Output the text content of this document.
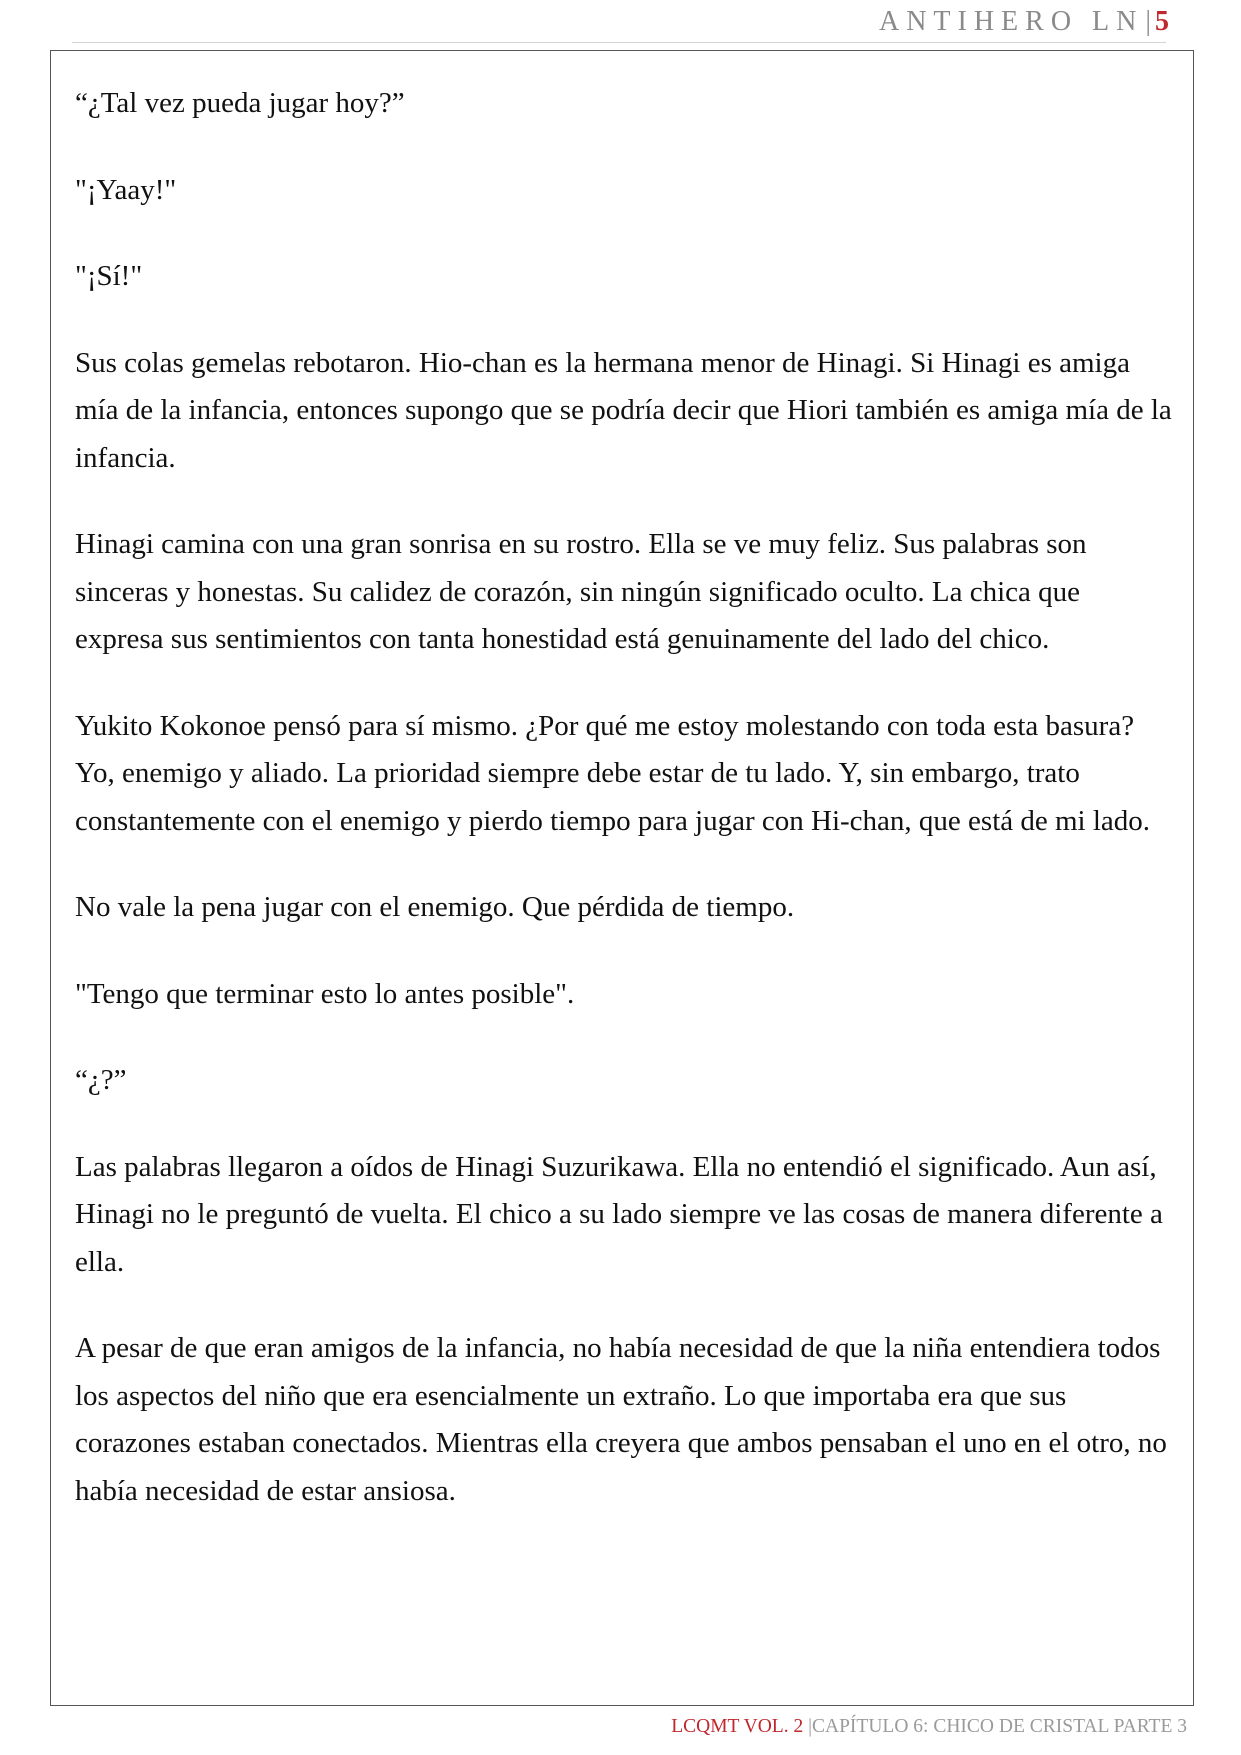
ANTIHERO LN| 5

“¿Tal vez pueda jugar hoy?”

"¡Yaay!"

"¡Sí!"

Sus colas gemelas rebotaron. Hio-chan es la hermana menor de Hinagi. Si Hinagi es amiga mía de la infancia, entonces supongo que se podría decir que Hiori también es amiga mía de la infancia.

Hinagi camina con una gran sonrisa en su rostro. Ella se ve muy feliz. Sus palabras son sinceras y honestas. Su calidez de corazón, sin ningún significado oculto. La chica que expresa sus sentimientos con tanta honestidad está genuinamente del lado del chico.

Yukito Kokonoe pensó para sí mismo. ¿Por qué me estoy molestando con toda esta basura? Yo, enemigo y aliado. La prioridad siempre debe estar de tu lado. Y, sin embargo, trato constantemente con el enemigo y pierdo tiempo para jugar con Hi-chan, que está de mi lado.

No vale la pena jugar con el enemigo. Que pérdida de tiempo.

"Tengo que terminar esto lo antes posible".

“¿?”

Las palabras llegaron a oídos de Hinagi Suzurikawa. Ella no entendió el significado. Aun así, Hinagi no le preguntó de vuelta. El chico a su lado siempre ve las cosas de manera diferente a ella.

A pesar de que eran amigos de la infancia, no había necesidad de que la niña entendiera todos los aspectos del niño que era esencialmente un extraño. Lo que importaba era que sus corazones estaban conectados. Mientras ella creyera que ambos pensaban el uno en el otro, no había necesidad de estar ansiosa.

LCQMT VOL. 2 |CAPÍTULO 6: CHICO DE CRISTAL PARTE 3
